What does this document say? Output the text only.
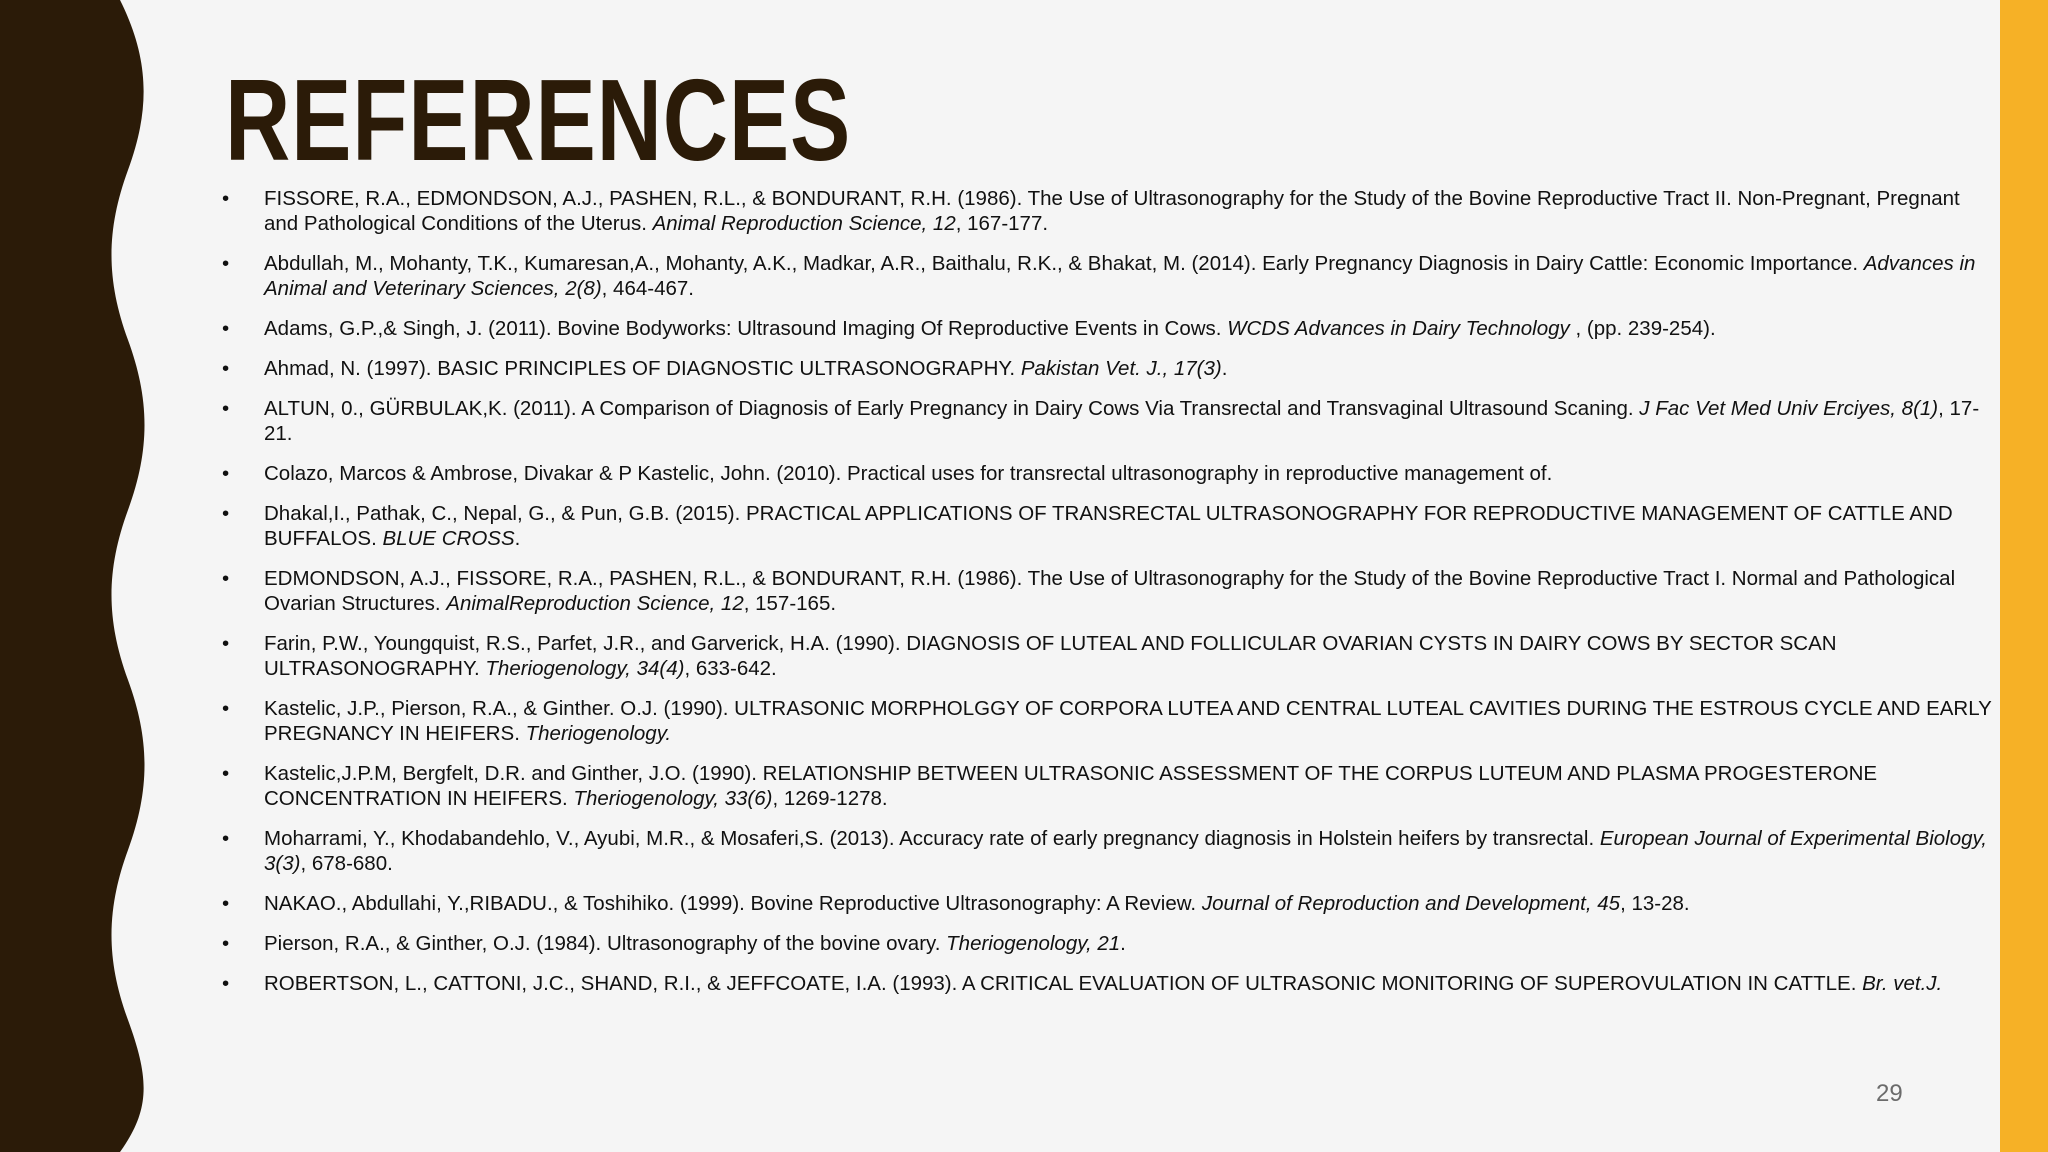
REFERENCES
• FISSORE, R.A., EDMONDSON, A.J., PASHEN, R.L., & BONDURANT, R.H. (1986). The Use of Ultrasonography for the Study of the Bovine Reproductive Tract II. Non-Pregnant, Pregnant and Pathological Conditions of the Uterus. Animal Reproduction Science, 12, 167-177.
• Abdullah, M., Mohanty, T.K., Kumaresan,A., Mohanty, A.K., Madkar, A.R., Baithalu, R.K., & Bhakat, M. (2014). Early Pregnancy Diagnosis in Dairy Cattle: Economic Importance. Advances in Animal and Veterinary Sciences, 2(8), 464-467.
• Adams, G.P.,& Singh, J. (2011). Bovine Bodyworks: Ultrasound Imaging Of Reproductive Events in Cows. WCDS Advances in Dairy Technology , (pp. 239-254).
• Ahmad, N. (1997). BASIC PRINCIPLES OF DIAGNOSTIC ULTRASONOGRAPHY. Pakistan Vet. J., 17(3).
• ALTUN, 0., GÜRBULAK,K. (2011). A Comparison of Diagnosis of Early Pregnancy in Dairy Cows Via Transrectal and Transvaginal Ultrasound Scaning. J Fac Vet Med Univ Erciyes, 8(1), 17-21.
• Colazo, Marcos & Ambrose, Divakar & P Kastelic, John. (2010). Practical uses for transrectal ultrasonography in reproductive management of.
• Dhakal,I., Pathak, C., Nepal, G., & Pun, G.B. (2015). PRACTICAL APPLICATIONS OF TRANSRECTAL ULTRASONOGRAPHY FOR REPRODUCTIVE MANAGEMENT OF CATTLE AND BUFFALOS. BLUE CROSS.
• EDMONDSON, A.J., FISSORE, R.A., PASHEN, R.L., & BONDURANT, R.H. (1986). The Use of Ultrasonography for the Study of the Bovine Reproductive Tract I. Normal and Pathological Ovarian Structures. AnimalReproduction Science, 12, 157-165.
• Farin, P.W., Youngquist, R.S., Parfet, J.R., and Garverick, H.A. (1990). DIAGNOSIS OF LUTEAL AND FOLLICULAR OVARIAN CYSTS IN DAIRY COWS BY SECTOR SCAN ULTRASONOGRAPHY. Theriogenology, 34(4), 633-642.
• Kastelic, J.P., Pierson, R.A., & Ginther. O.J. (1990). ULTRASONIC MORPHOLGGY OF CORPORA LUTEA AND CENTRAL LUTEAL CAVITIES DURING THE ESTROUS CYCLE AND EARLY PREGNANCY IN HEIFERS. Theriogenology.
• Kastelic,J.P.M, Bergfelt, D.R. and Ginther, J.O. (1990). RELATIONSHIP BETWEEN ULTRASONIC ASSESSMENT OF THE CORPUS LUTEUM AND PLASMA PROGESTERONE CONCENTRATION IN HEIFERS. Theriogenology, 33(6), 1269-1278.
• Moharrami, Y., Khodabandehlo, V., Ayubi, M.R., & Mosaferi,S. (2013). Accuracy rate of early pregnancy diagnosis in Holstein heifers by transrectal. European Journal of Experimental Biology, 3(3), 678-680.
• NAKAO., Abdullahi, Y.,RIBADU., & Toshihiko. (1999). Bovine Reproductive Ultrasonography: A Review. Journal of Reproduction and Development, 45, 13-28.
• Pierson, R.A., & Ginther, O.J. (1984). Ultrasonography of the bovine ovary. Theriogenology, 21.
• ROBERTSON, L., CATTONI, J.C., SHAND, R.I., & JEFFCOATE, I.A. (1993). A CRITICAL EVALUATION OF ULTRASONIC MONITORING OF SUPEROVULATION IN CATTLE. Br. vet.J.
29
